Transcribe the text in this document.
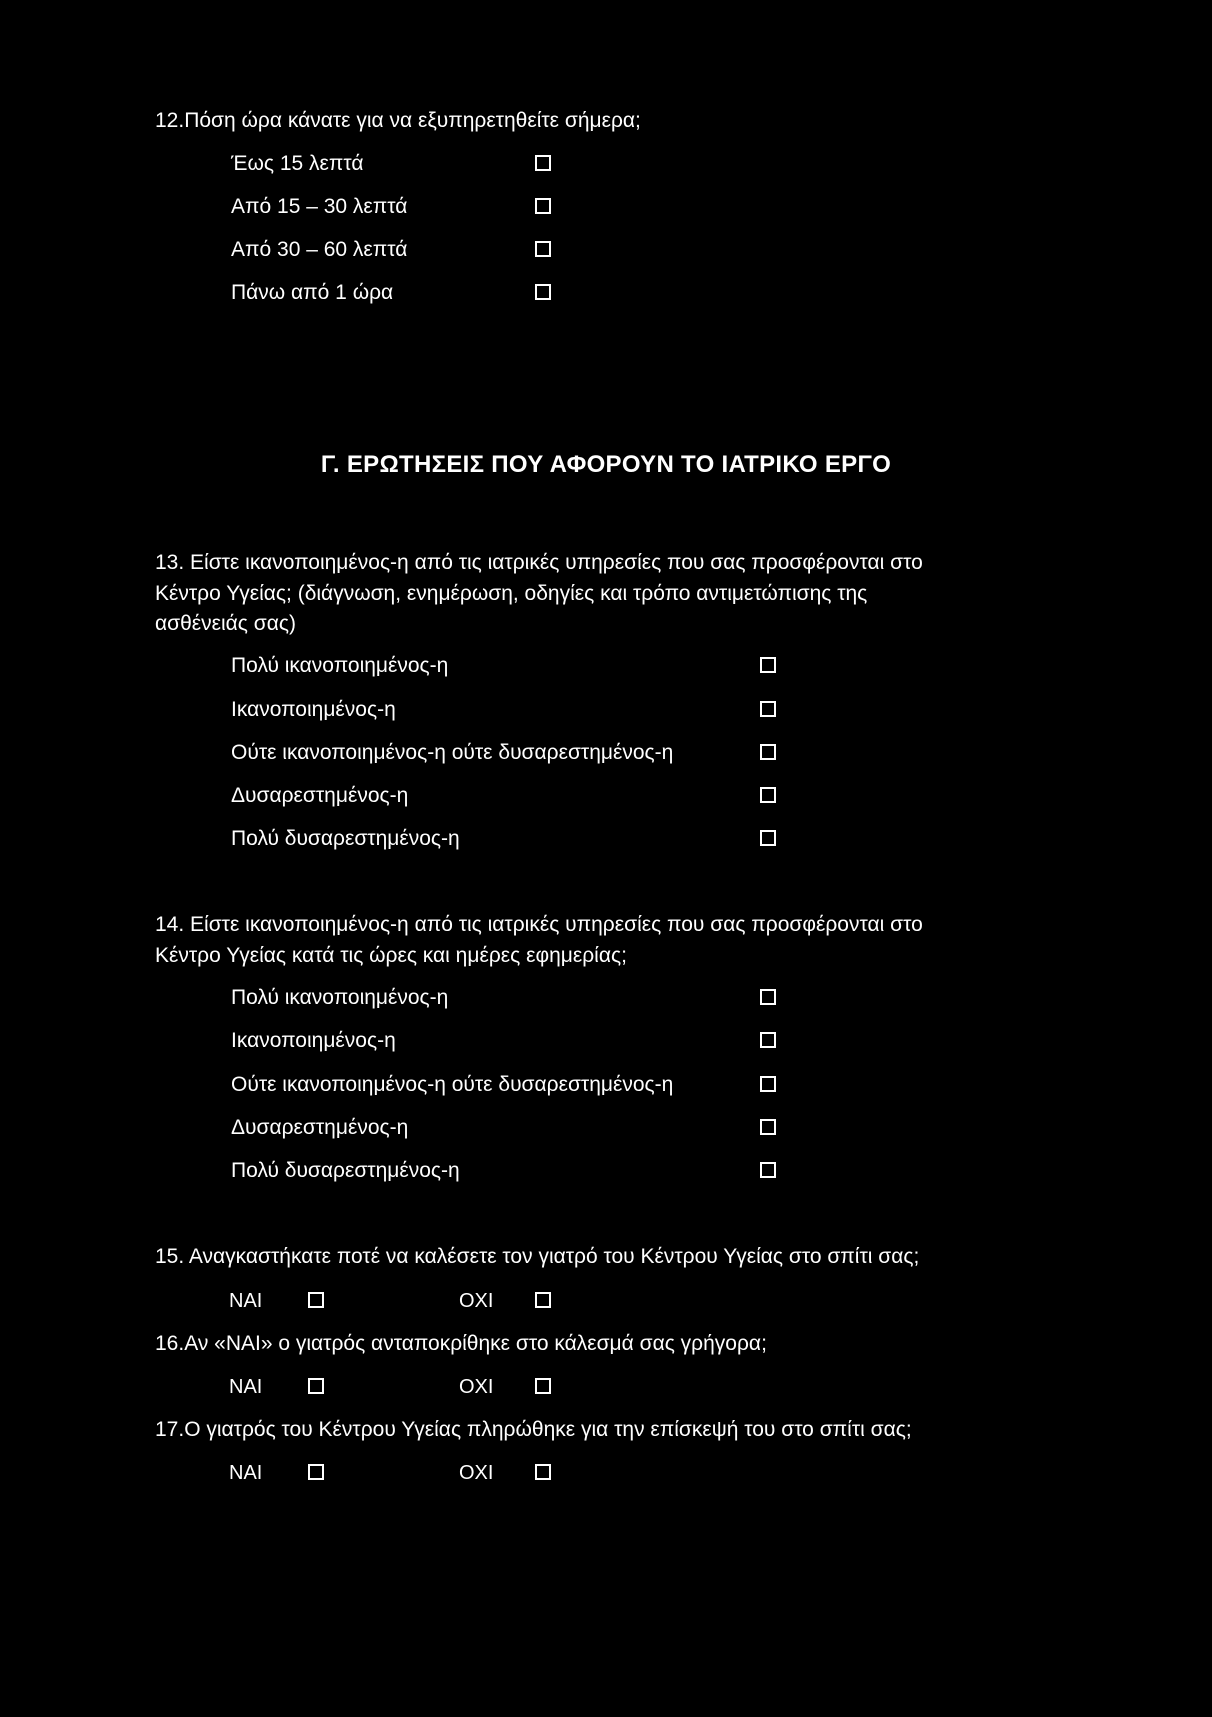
12.Πόση ώρα κάνατε για να εξυπηρετηθείτε σήμερα;
Έως 15 λεπτά
Από 15 – 30 λεπτά
Από 30 – 60 λεπτά
Πάνω από 1 ώρα
Γ. ΕΡΩΤΗΣΕΙΣ ΠΟΥ ΑΦΟΡΟΥΝ ΤΟ ΙΑΤΡΙΚΟ ΕΡΓΟ
13. Είστε ικανοποιημένος-η από τις ιατρικές υπηρεσίες που σας προσφέρονται στο
Κέντρο Υγείας; (διάγνωση, ενημέρωση, οδηγίες και τρόπο αντιμετώπισης της
ασθένειάς σας)
Πολύ ικανοποιημένος-η
Ικανοποιημένος-η
Ούτε ικανοποιημένος-η ούτε δυσαρεστημένος-η
Δυσαρεστημένος-η
Πολύ δυσαρεστημένος-η
14. Είστε ικανοποιημένος-η από τις ιατρικές υπηρεσίες που σας προσφέρονται στο
Κέντρο Υγείας κατά τις ώρες και ημέρες εφημερίας;
Πολύ ικανοποιημένος-η
Ικανοποιημένος-η
Ούτε ικανοποιημένος-η ούτε δυσαρεστημένος-η
Δυσαρεστημένος-η
Πολύ δυσαρεστημένος-η
15. Αναγκαστήκατε ποτέ να καλέσετε τον γιατρό του Κέντρου Υγείας στο σπίτι σας;
ΝΑΙ	ΟΧΙ
16.Αν «ΝΑΙ» ο γιατρός ανταποκρίθηκε στο κάλεσμά σας γρήγορα;
ΝΑΙ	ΟΧΙ
17.Ο γιατρός του Κέντρου Υγείας πληρώθηκε για την επίσκεψή του στο σπίτι σας;
ΝΑΙ	ΟΧΙ
